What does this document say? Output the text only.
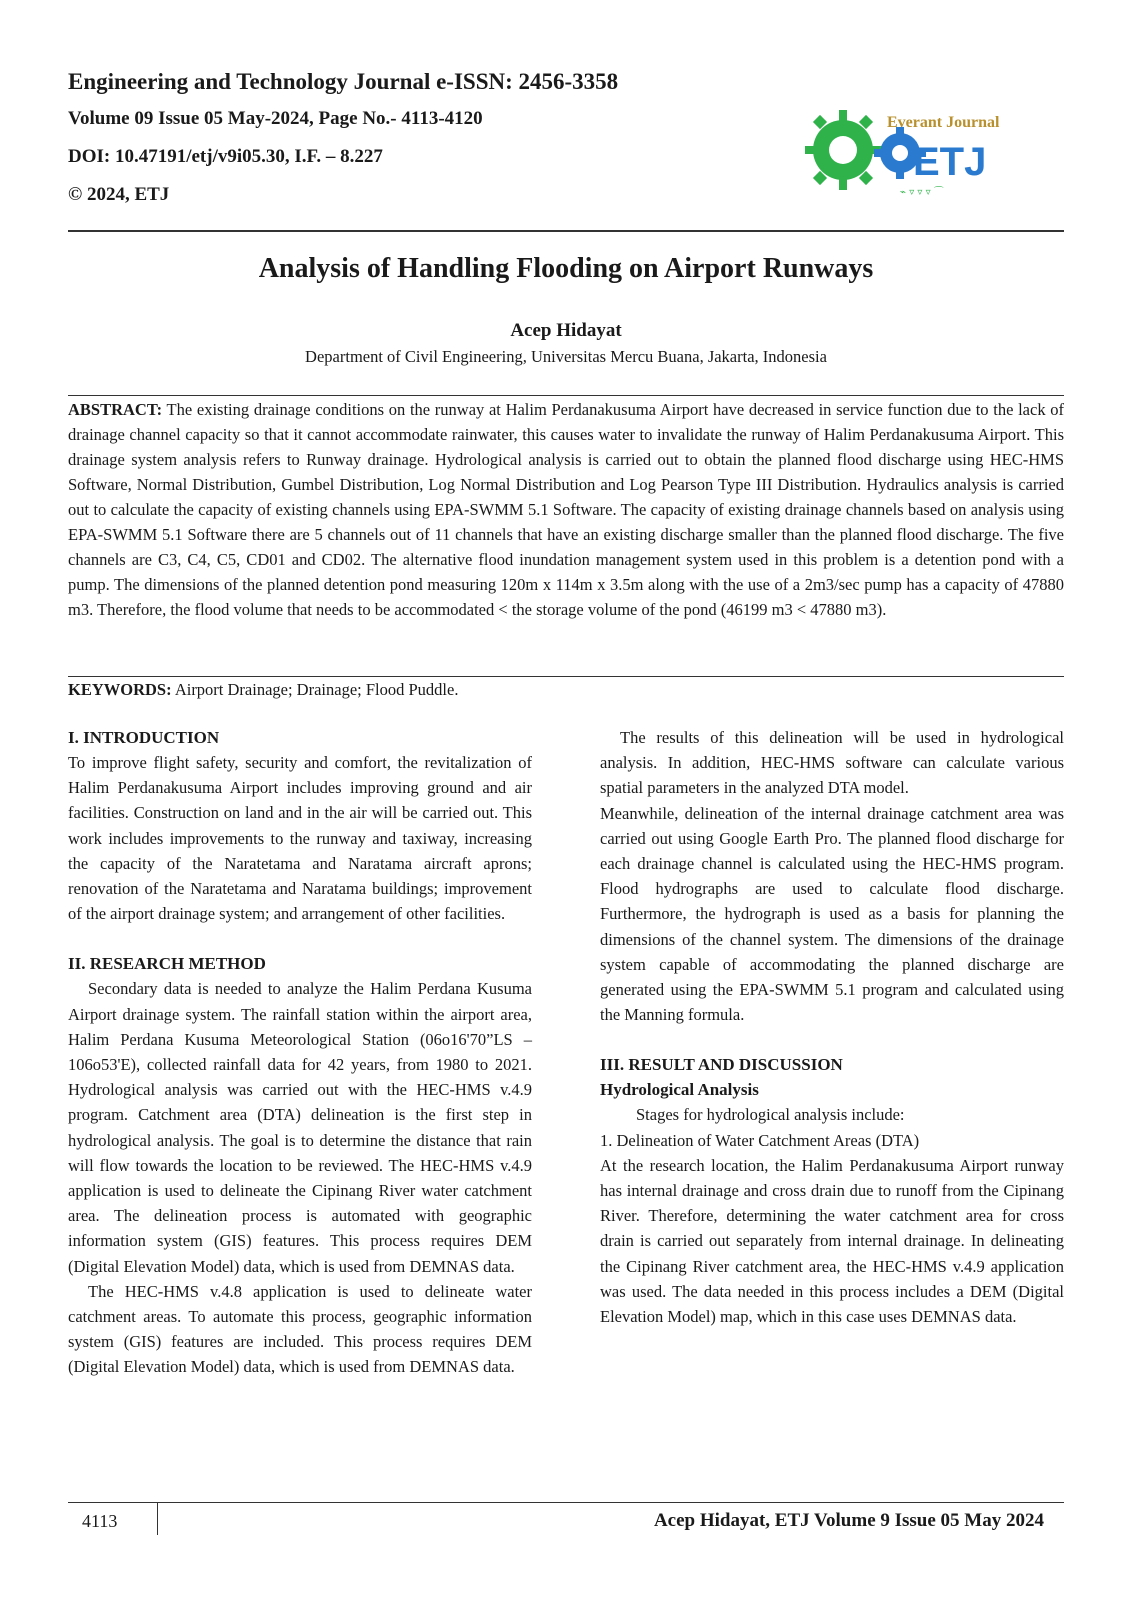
Engineering and Technology Journal e-ISSN: 2456-3358
Volume 09 Issue 05 May-2024, Page No.- 4113-4120
DOI: 10.47191/etj/v9i05.30, I.F. – 8.227
© 2024, ETJ
Everant Journal
ETJ
⌁ ▿ ▿ ▿ ⌒
Analysis of Handling Flooding on Airport Runways
Acep Hidayat
Department of Civil Engineering, Universitas Mercu Buana, Jakarta, Indonesia
ABSTRACT: The existing drainage conditions on the runway at Halim Perdanakusuma Airport have decreased in service function due to the lack of drainage channel capacity so that it cannot accommodate rainwater, this causes water to invalidate the runway of Halim Perdanakusuma Airport. This drainage system analysis refers to Runway drainage. Hydrological analysis is carried out to obtain the planned flood discharge using HEC-HMS Software, Normal Distribution, Gumbel Distribution, Log Normal Distribution and Log Pearson Type III Distribution. Hydraulics analysis is carried out to calculate the capacity of existing channels using EPA-SWMM 5.1 Software. The capacity of existing drainage channels based on analysis using EPA-SWMM 5.1 Software there are 5 channels out of 11 channels that have an existing discharge smaller than the planned flood discharge. The five channels are C3, C4, C5, CD01 and CD02. The alternative flood inundation management system used in this problem is a detention pond with a pump. The dimensions of the planned detention pond measuring 120m x 114m x 3.5m along with the use of a 2m3/sec pump has a capacity of 47880 m3. Therefore, the flood volume that needs to be accommodated < the storage volume of the pond (46199 m3 < 47880 m3).
KEYWORDS: Airport Drainage; Drainage; Flood Puddle.

I. INTRODUCTION

To improve flight safety, security and comfort, the revitalization of Halim Perdanakusuma Airport includes improving ground and air facilities. Construction on land and in the air will be carried out. This work includes improvements to the runway and taxiway, increasing the capacity of the Naratetama and Naratama aircraft aprons; renovation of the Naratetama and Naratama buildings; improvement of the airport drainage system; and arrangement of other facilities.

II. RESEARCH METHOD

Secondary data is needed to analyze the Halim Perdana Kusuma Airport drainage system. The rainfall station within the airport area, Halim Perdana Kusuma Meteorological Station (06o16'70”LS – 106o53'E), collected rainfall data for 42 years, from 1980 to 2021. Hydrological analysis was carried out with the HEC-HMS v.4.9 program. Catchment area (DTA) delineation is the first step in hydrological analysis. The goal is to determine the distance that rain will flow towards the location to be reviewed. The HEC-HMS v.4.9 application is used to delineate the Cipinang River water catchment area. The delineation process is automated with geographic information system (GIS) features. This process requires DEM (Digital Elevation Model) data, which is used from DEMNAS data.

The HEC-HMS v.4.8 application is used to delineate water catchment areas. To automate this process, geographic information system (GIS) features are included. This process requires DEM (Digital Elevation Model) data, which is used from DEMNAS data.

The results of this delineation will be used in hydrological analysis. In addition, HEC-HMS software can calculate various spatial parameters in the analyzed DTA model.

Meanwhile, delineation of the internal drainage catchment area was carried out using Google Earth Pro. The planned flood discharge for each drainage channel is calculated using the HEC-HMS program. Flood hydrographs are used to calculate flood discharge. Furthermore, the hydrograph is used as a basis for planning the dimensions of the channel system. The dimensions of the drainage system capable of accommodating the planned discharge are generated using the EPA-SWMM 5.1 program and calculated using the Manning formula.

III. RESULT AND DISCUSSION

Hydrological Analysis

Stages for hydrological analysis include:

1. Delineation of Water Catchment Areas (DTA)

At the research location, the Halim Perdanakusuma Airport runway has internal drainage and cross drain due to runoff from the Cipinang River. Therefore, determining the water catchment area for cross drain is carried out separately from internal drainage. In delineating the Cipinang River catchment area, the HEC-HMS v.4.9 application was used. The data needed in this process includes a DEM (Digital Elevation Model) map, which in this case uses DEMNAS data.

4113	Acep Hidayat, ETJ Volume 9 Issue 05 May 2024
